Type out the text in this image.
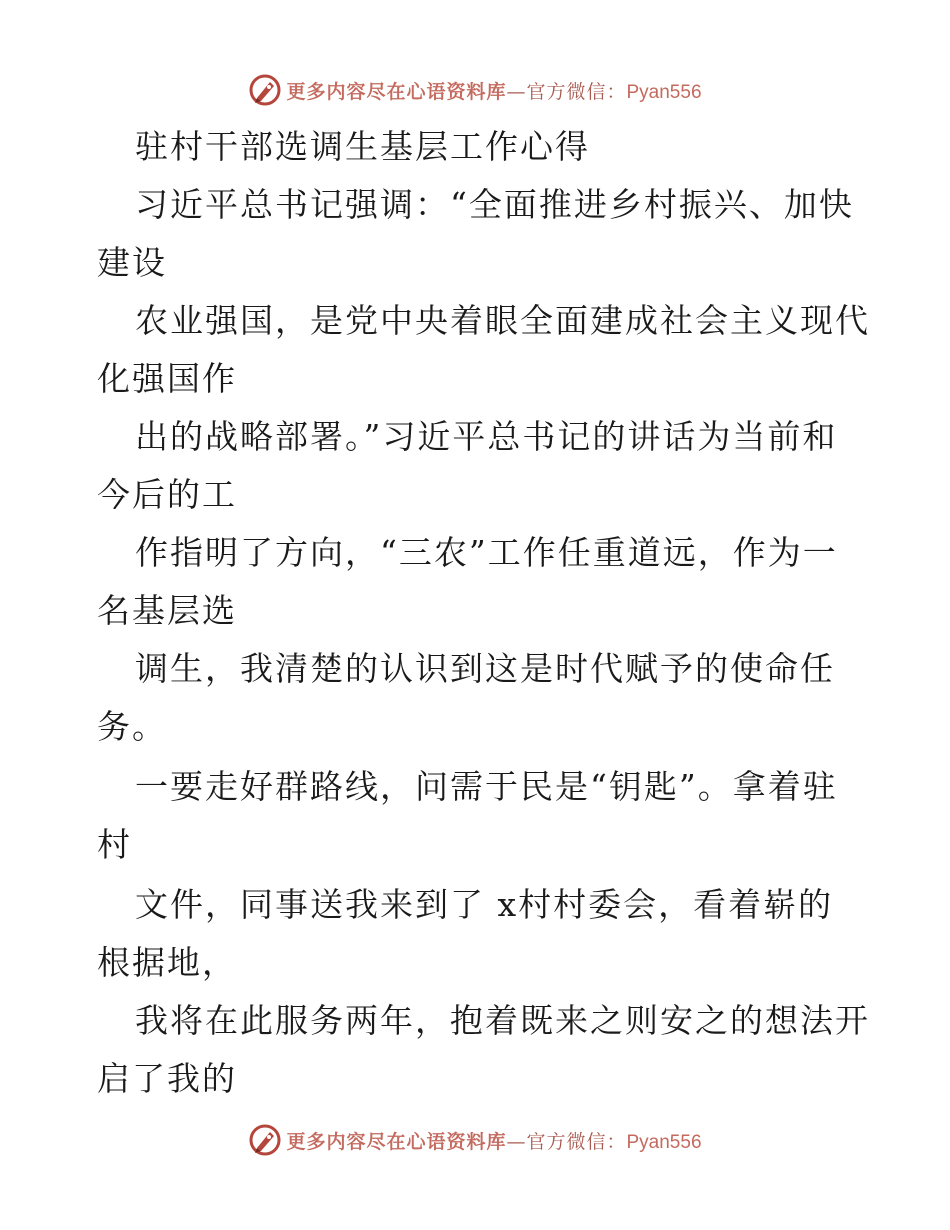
更多内容尽在心语资料库 — 官方微信： Pyan556

驻村干部选调生基层工作心得

习近平总书记强调：“全面推进乡村振兴、加快

建设

农业强国，是党中央着眼全面建成社会主义现代

化强国作

出的战略部署。”习近平总书记的讲话为当前和

今后的工

作指明了方向，“三农”工作任重道远，作为一

名基层选

调生，我清楚的认识到这是时代赋予的使命任

务。

一要走好群路线，问需于民是“钥匙”。拿着驻

村

文件，同事送我来到了 x村村委会，看着崭的

根据地，

我将在此服务两年，抱着既来之则安之的想法开

启了我的

更多内容尽在心语资料库 — 官方微信： Pyan556
